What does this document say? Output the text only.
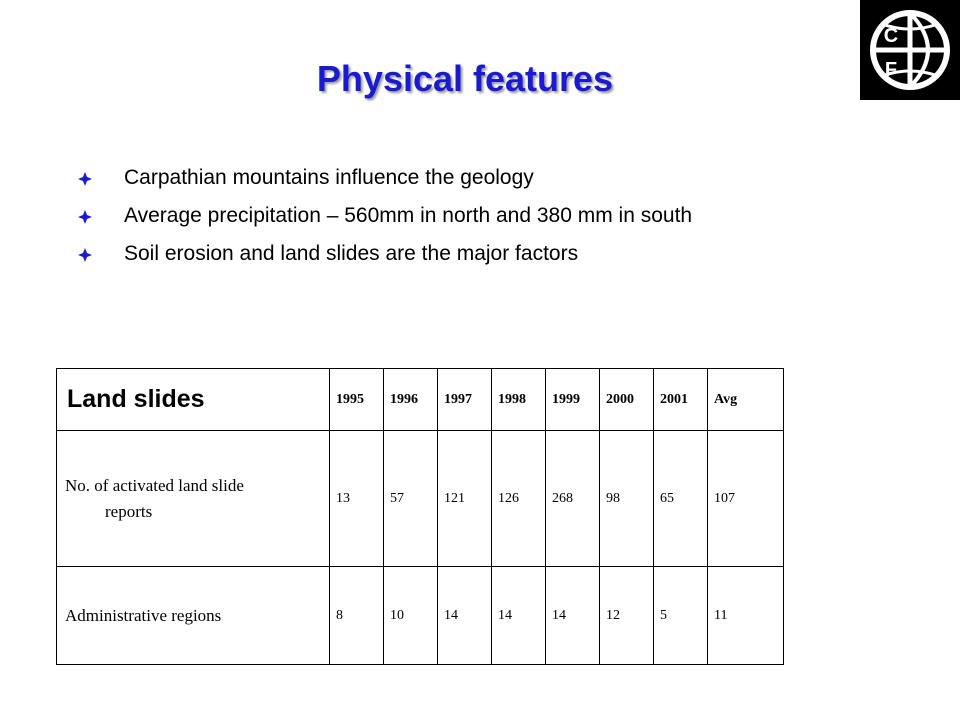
C
F
Physical features
Carpathian mountains influence the geology
Average precipitation – 560mm in north and 380 mm in south
Soil erosion and land slides are the major factors
Land slides	1995	1996	1997	1998	1999	2000	2001	Avg
No. of activated land slide
reports	13	57	121	126	268	98	65	107
Administrative regions	8	10	14	14	14	12	5	11
